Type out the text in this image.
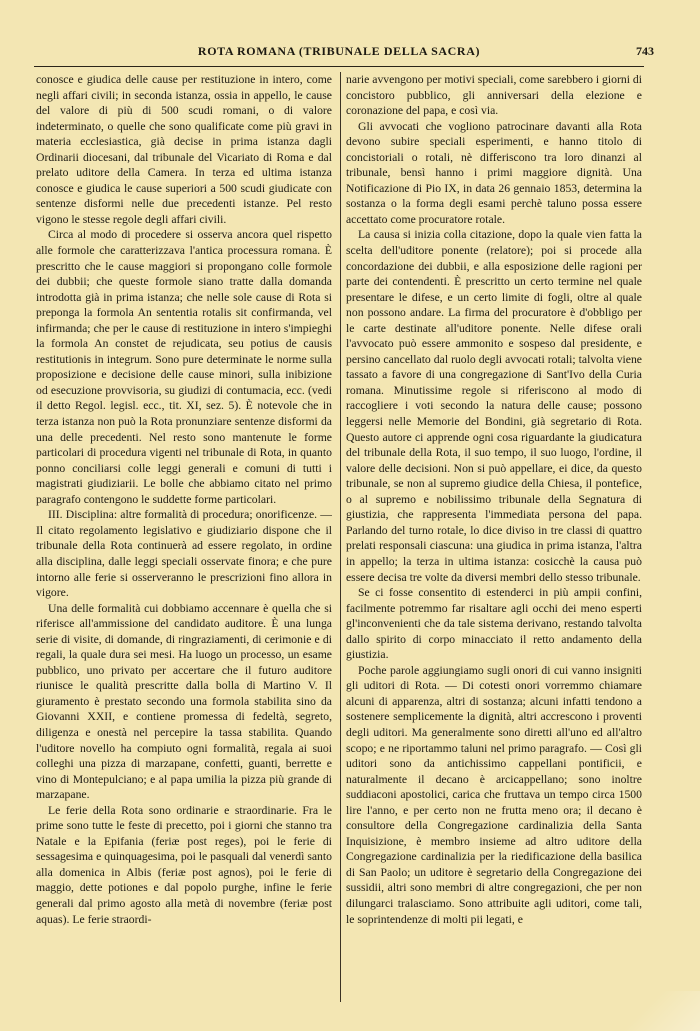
ROTA ROMANA (TRIBUNALE DELLA SACRA)	743

conosce e giudica delle cause per restituzione in intero, come negli affari civili; in seconda istanza, ossia in appello, le cause del valore di più di 500 scudi romani, o di valore indeterminato, o quelle che sono qualificate come più gravi in materia ecclesiastica, già decise in prima istanza dagli Ordinarii diocesani, dal tribunale del Vicariato di Roma e dal prelato uditore della Camera. In terza ed ultima istanza conosce e giudica le cause superiori a 500 scudi giudicate con sentenze disformi nelle due precedenti istanze. Pel resto vigono le stesse regole degli affari civili.

Circa al modo di procedere si osserva ancora quel rispetto alle formole che caratterizzava l'antica processura romana. È prescritto che le cause maggiori si propongano colle formole dei dubbii; che queste formole siano tratte dalla domanda introdotta già in prima istanza; che nelle sole cause di Rota si preponga la formola An sententia rotalis sit confirmanda, vel infirmanda; che per le cause di restituzione in intero s'impieghi la formola An constet de rejudicata, seu potius de causis restitutionis in integrum. Sono pure determinate le norme sulla proposizione e decisione delle cause minori, sulla inibizione od esecuzione provvisoria, su giudizi di contumacia, ecc. (vedi il detto Regol. legisl. ecc., tit. XI, sez. 5). È notevole che in terza istanza non può la Rota pronunziare sentenze disformi da una delle precedenti. Nel resto sono mantenute le forme particolari di procedura vigenti nel tribunale di Rota, in quanto ponno conciliarsi colle leggi generali e comuni di tutti i magistrati giudiziarii. Le bolle che abbiamo citato nel primo paragrafo contengono le suddette forme particolari.

III. Disciplina: altre formalità di procedura; onorificenze. — Il citato regolamento legislativo e giudiziario dispone che il tribunale della Rota continuerà ad essere regolato, in ordine alla disciplina, dalle leggi speciali osservate finora; e che pure intorno alle ferie si osserveranno le prescrizioni fino allora in vigore.

Una delle formalità cui dobbiamo accennare è quella che si riferisce all'ammissione del candidato auditore. È una lunga serie di visite, di domande, di ringraziamenti, di cerimonie e di regali, la quale dura sei mesi. Ha luogo un processo, un esame pubblico, uno privato per accertare che il futuro auditore riunisce le qualità prescritte dalla bolla di Martino V. Il giuramento è prestato secondo una formola stabilita sino da Giovanni XXII, e contiene promessa di fedeltà, segreto, diligenza e onestà nel percepire la tassa stabilita. Quando l'uditore novello ha compiuto ogni formalità, regala ai suoi colleghi una pizza di marzapane, confetti, guanti, berrette e vino di Montepulciano; e al papa umilia la pizza più grande di marzapane.

Le ferie della Rota sono ordinarie e straordinarie. Fra le prime sono tutte le feste di precetto, poi i giorni che stanno tra Natale e la Epifania (feriæ post reges), poi le ferie di sessagesima e quinquagesima, poi le pasquali dal venerdì santo alla domenica in Albis (feriæ post agnos), poi le ferie di maggio, dette potiones e dal popolo purghe, infine le ferie generali dal primo agosto alla metà di novembre (feriæ post aquas). Le ferie straordi-

narie avvengono per motivi speciali, come sarebbero i giorni di concistoro pubblico, gli anniversari della elezione e coronazione del papa, e così via.

Gli avvocati che vogliono patrocinare davanti alla Rota devono subire speciali esperimenti, e hanno titolo di concistoriali o rotali, nè differiscono tra loro dinanzi al tribunale, bensì hanno i primi maggiore dignità. Una Notificazione di Pio IX, in data 26 gennaio 1853, determina la sostanza o la forma degli esami perchè taluno possa essere accettato come procuratore rotale.

La causa si inizia colla citazione, dopo la quale vien fatta la scelta dell'uditore ponente (relatore); poi si procede alla concordazione dei dubbii, e alla esposizione delle ragioni per parte dei contendenti. È prescritto un certo termine nel quale presentare le difese, e un certo limite di fogli, oltre al quale non possono andare. La firma del procuratore è d'obbligo per le carte destinate all'uditore ponente. Nelle difese orali l'avvocato può essere ammonito e sospeso dal presidente, e persino cancellato dal ruolo degli avvocati rotali; talvolta viene tassato a favore di una congregazione di Sant'Ivo della Curia romana. Minutissime regole si riferiscono al modo di raccogliere i voti secondo la natura delle cause; possono leggersi nelle Memorie del Bondini, già segretario di Rota. Questo autore ci apprende ogni cosa riguardante la giudicatura del tribunale della Rota, il suo tempo, il suo luogo, l'ordine, il valore delle decisioni. Non si può appellare, ei dice, da questo tribunale, se non al supremo giudice della Chiesa, il pontefice, o al supremo e nobilissimo tribunale della Segnatura di giustizia, che rappresenta l'immediata persona del papa. Parlando del turno rotale, lo dice diviso in tre classi di quattro prelati responsali ciascuna: una giudica in prima istanza, l'altra in appello; la terza in ultima istanza: cosicchè la causa può essere decisa tre volte da diversi membri dello stesso tribunale.

Se ci fosse consentito di estenderci in più ampii confini, facilmente potremmo far risaltare agli occhi dei meno esperti gl'inconvenienti che da tale sistema derivano, restando talvolta dallo spirito di corpo minacciato il retto andamento della giustizia.

Poche parole aggiungiamo sugli onori di cui vanno insigniti gli uditori di Rota. — Di cotesti onori vorremmo chiamare alcuni di apparenza, altri di sostanza; alcuni infatti tendono a sostenere semplicemente la dignità, altri accrescono i proventi degli uditori. Ma generalmente sono diretti all'uno ed all'altro scopo; e ne riportammo taluni nel primo paragrafo. — Così gli uditori sono da antichissimo cappellani pontificii, e naturalmente il decano è arcicappellano; sono inoltre suddiaconi apostolici, carica che fruttava un tempo circa 1500 lire l'anno, e per certo non ne frutta meno ora; il decano è consultore della Congregazione cardinalizia della Santa Inquisizione, è membro insieme ad altro uditore della Congregazione cardinalizia per la riedificazione della basilica di San Paolo; un uditore è segretario della Congregazione dei sussidii, altri sono membri di altre congregazioni, che per non dilungarci tralasciamo. Sono attribuite agli uditori, come tali, le soprintendenze di molti pii legati, e
